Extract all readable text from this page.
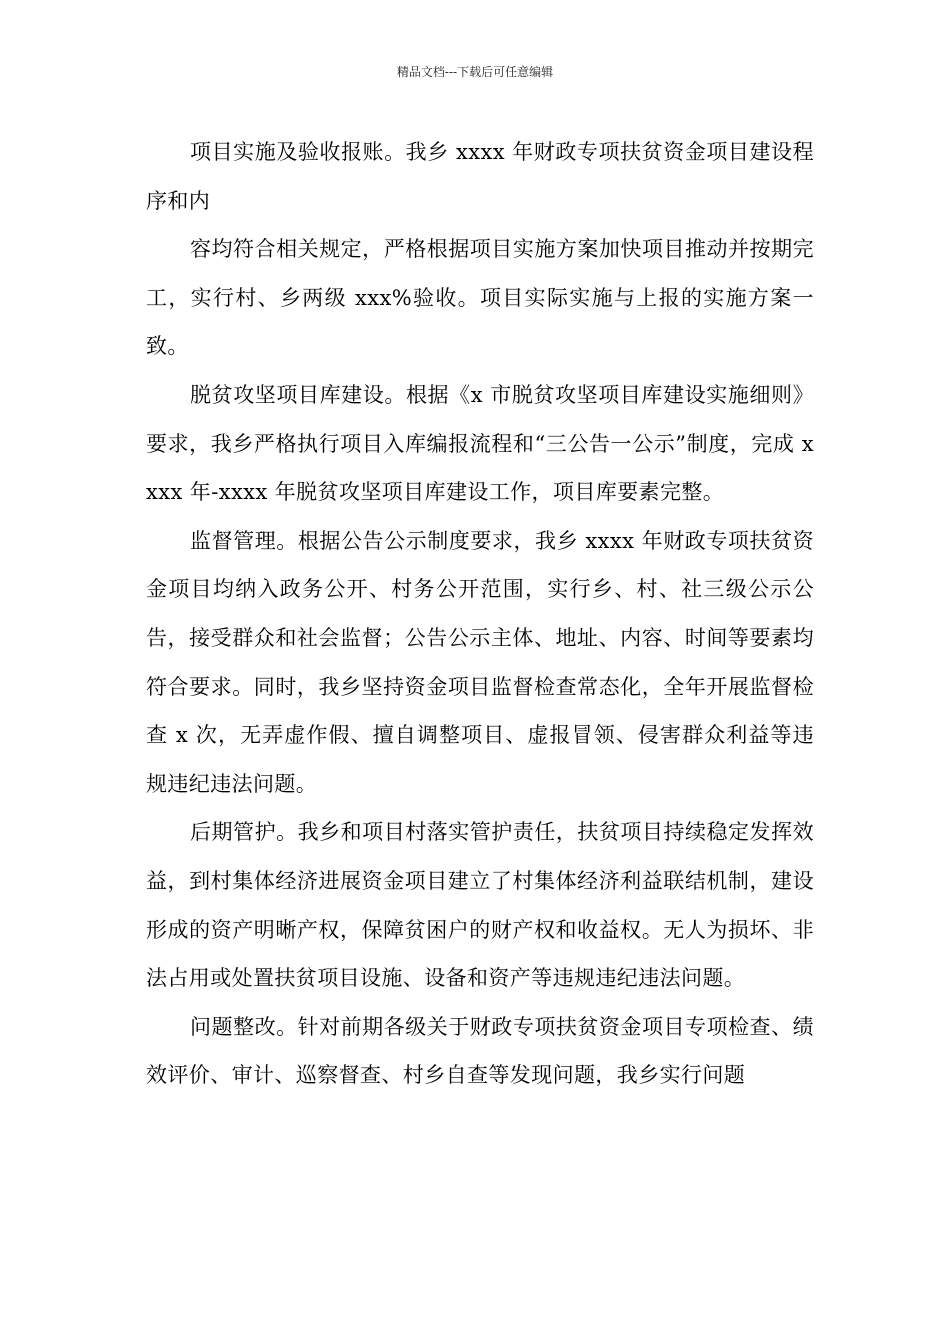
精品文档---下载后可任意编辑

项目实施及验收报账。我乡 xxxx 年财政专项扶贫资金项目建设程序和内

容均符合相关规定，严格根据项目实施方案加快项目推动并按期完工，实行村、乡两级 xxx%验收。项目实际实施与上报的实施方案一致。

脱贫攻坚项目库建设。根据《x 市脱贫攻坚项目库建设实施细则》要求，我乡严格执行项目入库编报流程和“三公告一公示”制度，完成 xxxx 年-xxxx 年脱贫攻坚项目库建设工作，项目库要素完整。

监督管理。根据公告公示制度要求，我乡 xxxx 年财政专项扶贫资金项目均纳入政务公开、村务公开范围，实行乡、村、社三级公示公告，接受群众和社会监督；公告公示主体、地址、内容、时间等要素均符合要求。同时，我乡坚持资金项目监督检查常态化，全年开展监督检查 x 次，无弄虚作假、擅自调整项目、虚报冒领、侵害群众利益等违规违纪违法问题。

后期管护。我乡和项目村落实管护责任，扶贫项目持续稳定发挥效益，到村集体经济进展资金项目建立了村集体经济利益联结机制，建设形成的资产明晰产权，保障贫困户的财产权和收益权。无人为损坏、非法占用或处置扶贫项目设施、设备和资产等违规违纪违法问题。

问题整改。针对前期各级关于财政专项扶贫资金项目专项检查、绩效评价、审计、巡察督查、村乡自查等发现问题，我乡实行问题
